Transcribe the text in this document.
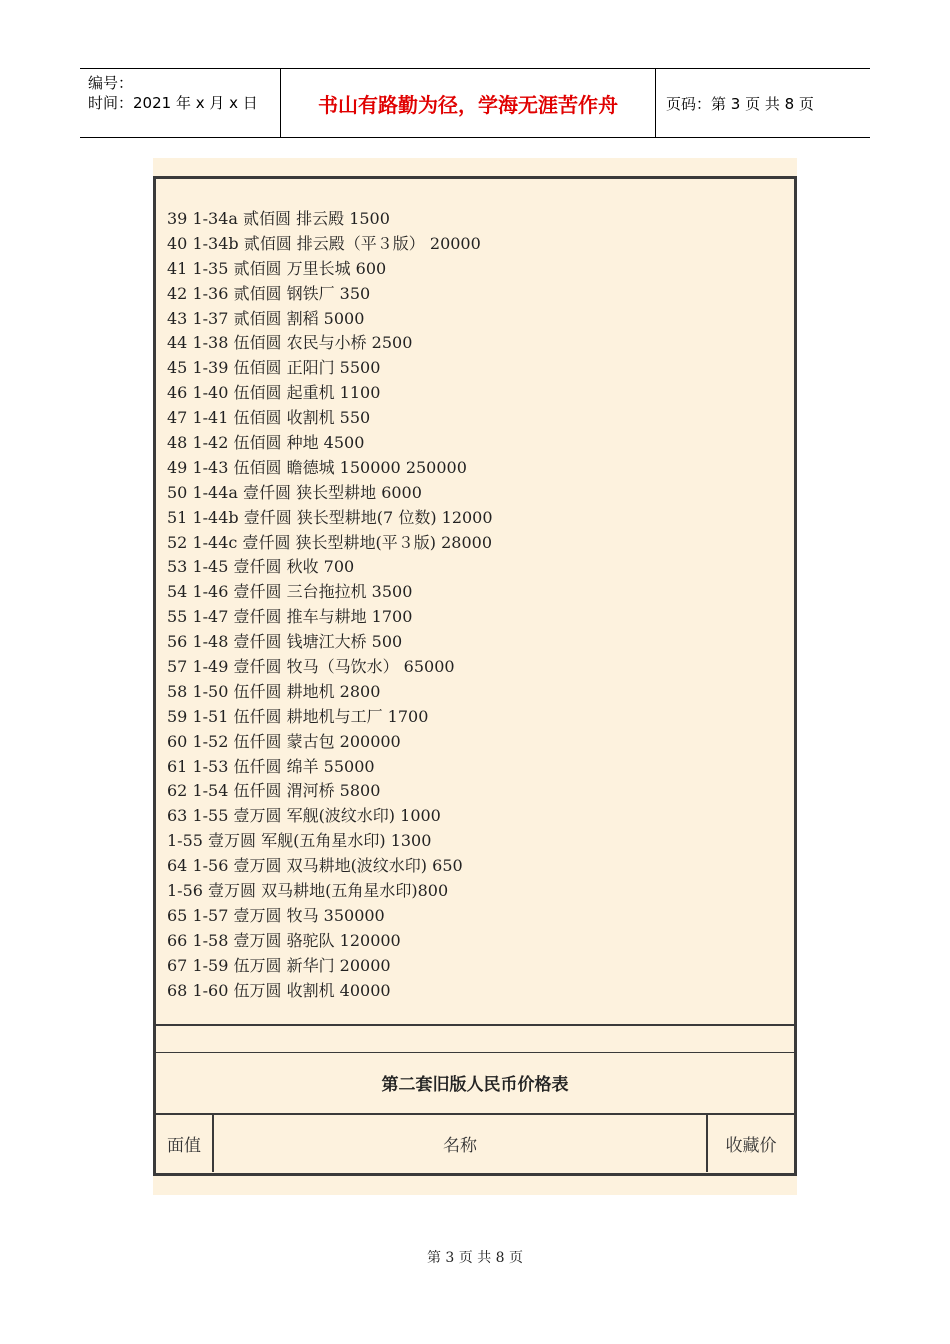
编号：
时间：2021 年 x 月 x 日	书山有路勤为径，学海无涯苦作舟	页码：第 3 页 共 8 页
39 1-34a 贰佰圆 排云殿 1500
40 1-34b 贰佰圆 排云殿（平３版） 20000
41 1-35 贰佰圆 万里长城 600
42 1-36 贰佰圆 钢铁厂 350
43 1-37 贰佰圆 割稻 5000
44 1-38 伍佰圆 农民与小桥 2500
45 1-39 伍佰圆 正阳门 5500
46 1-40 伍佰圆 起重机 1100
47 1-41 伍佰圆 收割机 550
48 1-42 伍佰圆 种地 4500
49 1-43 伍佰圆 瞻德城 150000 250000
50 1-44a 壹仟圆 狭长型耕地 6000
51 1-44b 壹仟圆 狭长型耕地(7 位数) 12000
52 1-44c 壹仟圆 狭长型耕地(平３版) 28000
53 1-45 壹仟圆 秋收 700
54 1-46 壹仟圆 三台拖拉机 3500
55 1-47 壹仟圆 推车与耕地 1700
56 1-48 壹仟圆 钱塘江大桥 500
57 1-49 壹仟圆 牧马（马饮水） 65000
58 1-50 伍仟圆 耕地机 2800
59 1-51 伍仟圆 耕地机与工厂 1700
60 1-52 伍仟圆 蒙古包 200000
61 1-53 伍仟圆 绵羊 55000
62 1-54 伍仟圆 渭河桥 5800
63 1-55 壹万圆 军舰(波纹水印) 1000
1-55 壹万圆 军舰(五角星水印) 1300
64 1-56 壹万圆 双马耕地(波纹水印) 650
1-56 壹万圆 双马耕地(五角星水印)800
65 1-57 壹万圆 牧马 350000
66 1-58 壹万圆 骆驼队 120000
67 1-59 伍万圆 新华门 20000
68 1-60 伍万圆 收割机 40000
第二套旧版人民币价格表
面值	名称	收藏价
第 3 页 共 8 页
